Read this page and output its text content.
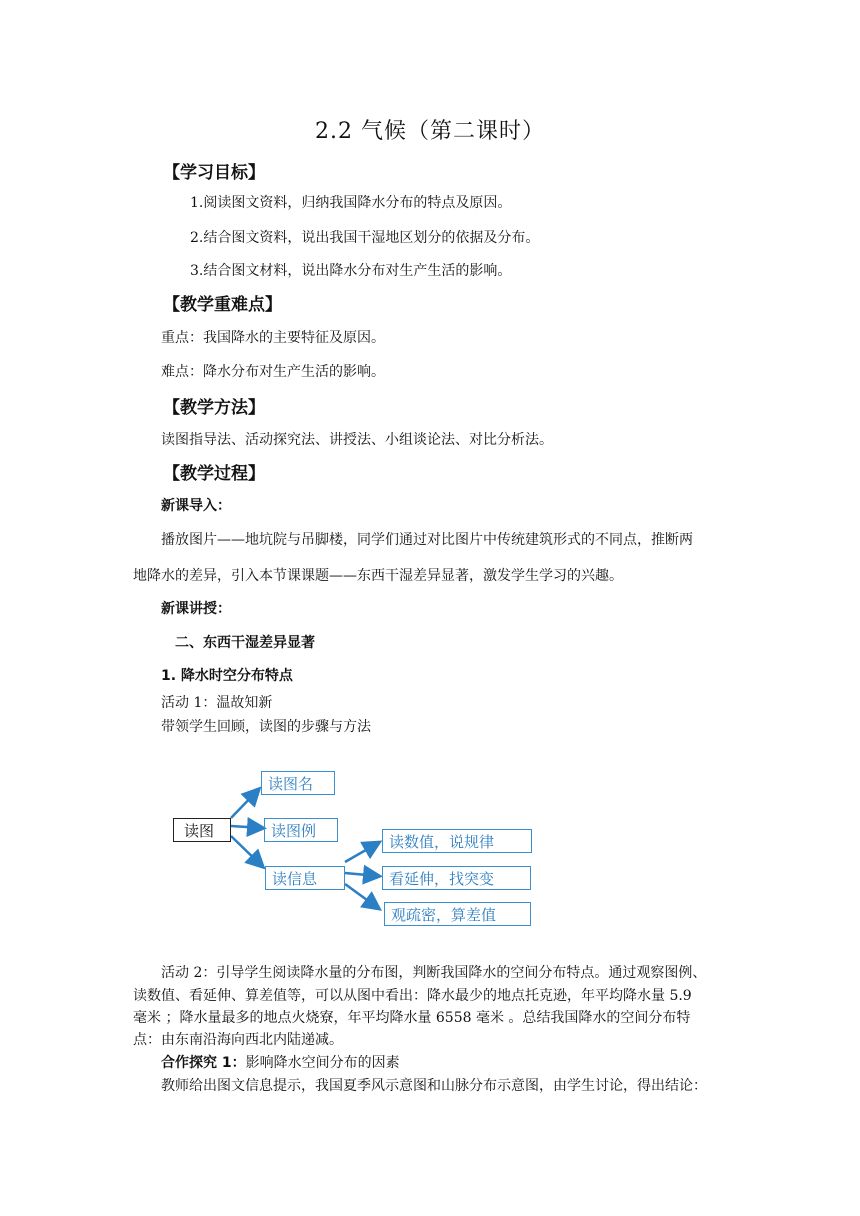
2.2 气候（第二课时）
【学习目标】
1.阅读图文资料，归纳我国降水分布的特点及原因。
2.结合图文资料，说出我国干湿地区划分的依据及分布。
3.结合图文材料，说出降水分布对生产生活的影响。
【教学重难点】
重点：我国降水的主要特征及原因。
难点：降水分布对生产生活的影响。
【教学方法】
读图指导法、活动探究法、讲授法、小组谈论法、对比分析法。
【教学过程】
新课导入：
播放图片——地坑院与吊脚楼，同学们通过对比图片中传统建筑形式的不同点，推断两
地降水的差异，引入本节课课题——东西干湿差异显著，激发学生学习的兴趣。
新课讲授：
二、东西干湿差异显著
1. 降水时空分布特点
活动 1：温故知新
带领学生回顾，读图的步骤与方法
读图
读图名
读图例
读信息
读数值，说规律
看延伸，找突变
观疏密，算差值
活动 2：引导学生阅读降水量的分布图，判断我国降水的空间分布特点。通过观察图例、
读数值、看延伸、算差值等，可以从图中看出：降水最少的地点托克逊，年平均降水量 5.9
毫米 ；降水量最多的地点火烧寮，年平均降水量 6558 毫米 。总结我国降水的空间分布特
点：由东南沿海向西北内陆递减。
合作探究 1：影响降水空间分布的因素
教师给出图文信息提示，我国夏季风示意图和山脉分布示意图，由学生讨论，得出结论：
